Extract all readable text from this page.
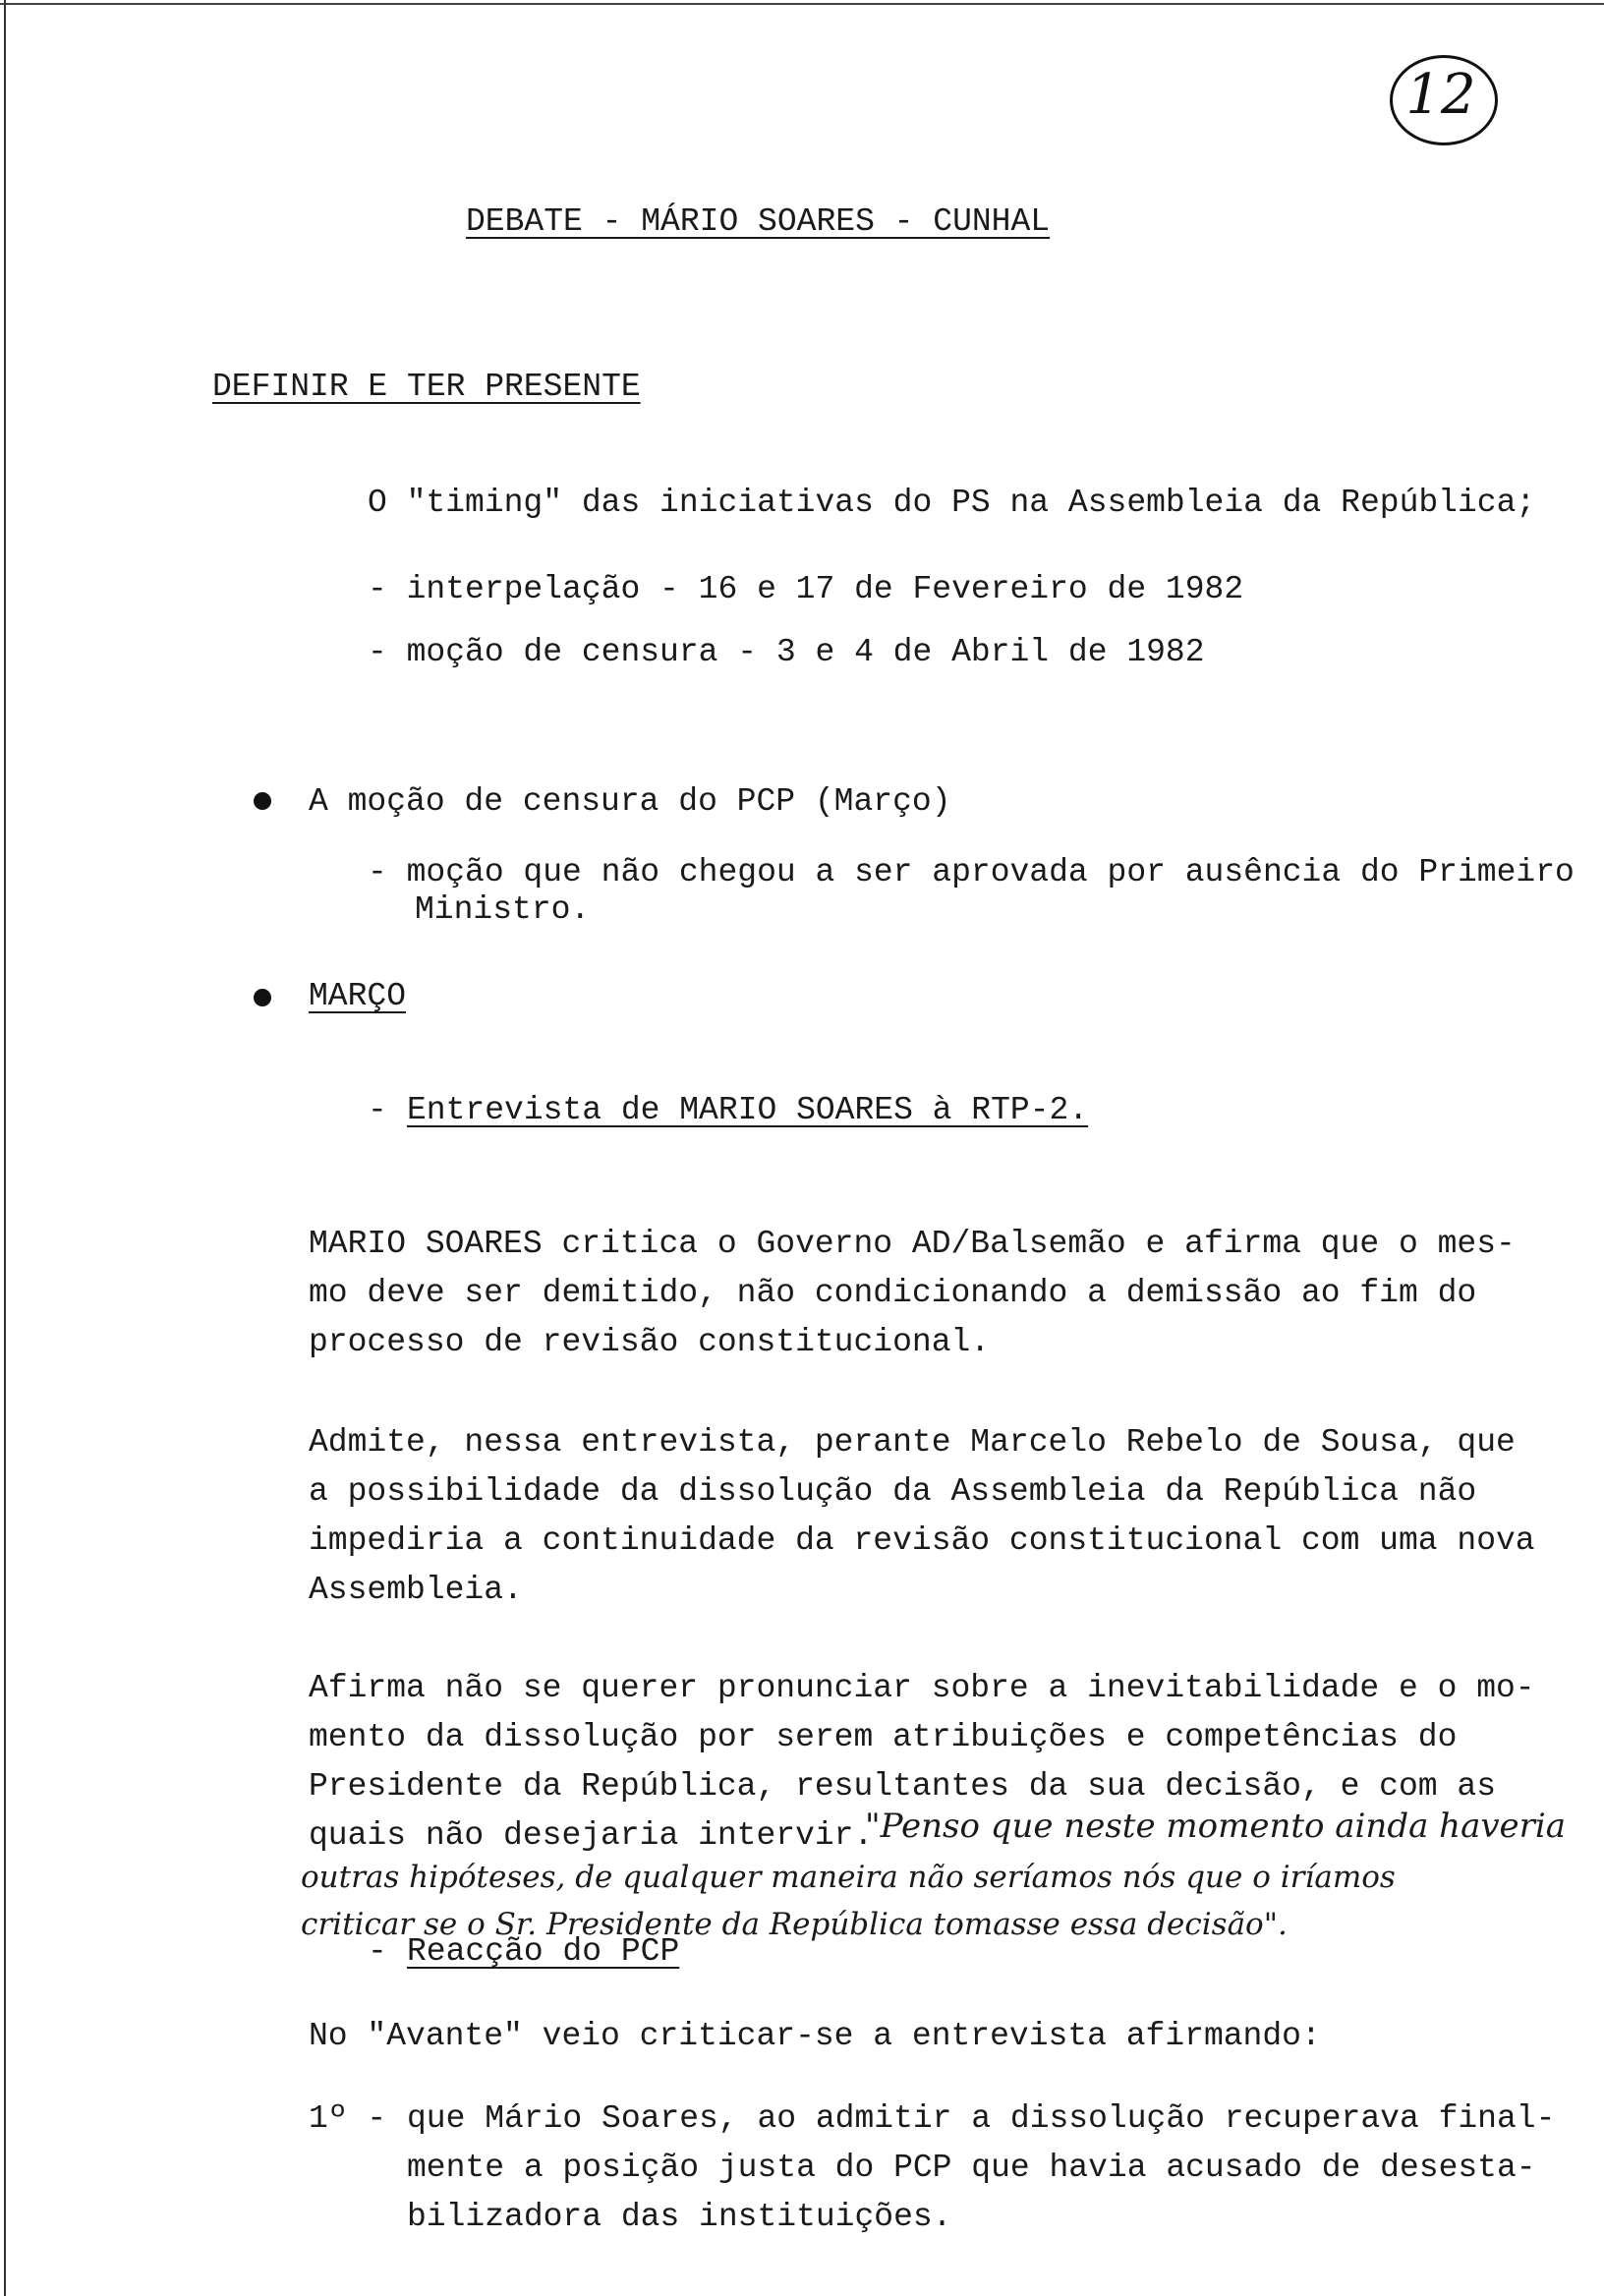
12
DEBATE - MÁRIO SOARES - CUNHAL
DEFINIR E TER PRESENTE
O "timing" das iniciativas do PS na Assembleia da República;
- interpelação - 16 e 17 de Fevereiro de 1982
- moção de censura - 3 e 4 de Abril de 1982
A moção de censura do PCP (Março)
- moção que não chegou a ser aprovada por ausência do Primeiro
Ministro.
MARÇO
- Entrevista de MARIO SOARES à RTP-2.
MARIO SOARES critica o Governo AD/Balsemão e afirma que o mes-
mo deve ser demitido, não condicionando a demissão ao fim do
processo de revisão constitucional.
Admite, nessa entrevista, perante Marcelo Rebelo de Sousa, que
a possibilidade da dissolução da Assembleia da República não
impediria a continuidade da revisão constitucional com uma nova
Assembleia.
Afirma não se querer pronunciar sobre a inevitabilidade e o mo-
mento da dissolução por serem atribuições e competências do
Presidente da República, resultantes da sua decisão, e com as
quais não desejaria intervir.
"Penso que neste momento ainda haveria
outras hipóteses, de qualquer maneira não seríamos nós que o iríamos
criticar se o Sr. Presidente da República tomasse essa decisão".
- Reacção do PCP
No "Avante" veio criticar-se a entrevista afirmando:
1º - que Mário Soares, ao admitir a dissolução recuperava final-
mente a posição justa do PCP que havia acusado de desesta-
bilizadora das instituições.
